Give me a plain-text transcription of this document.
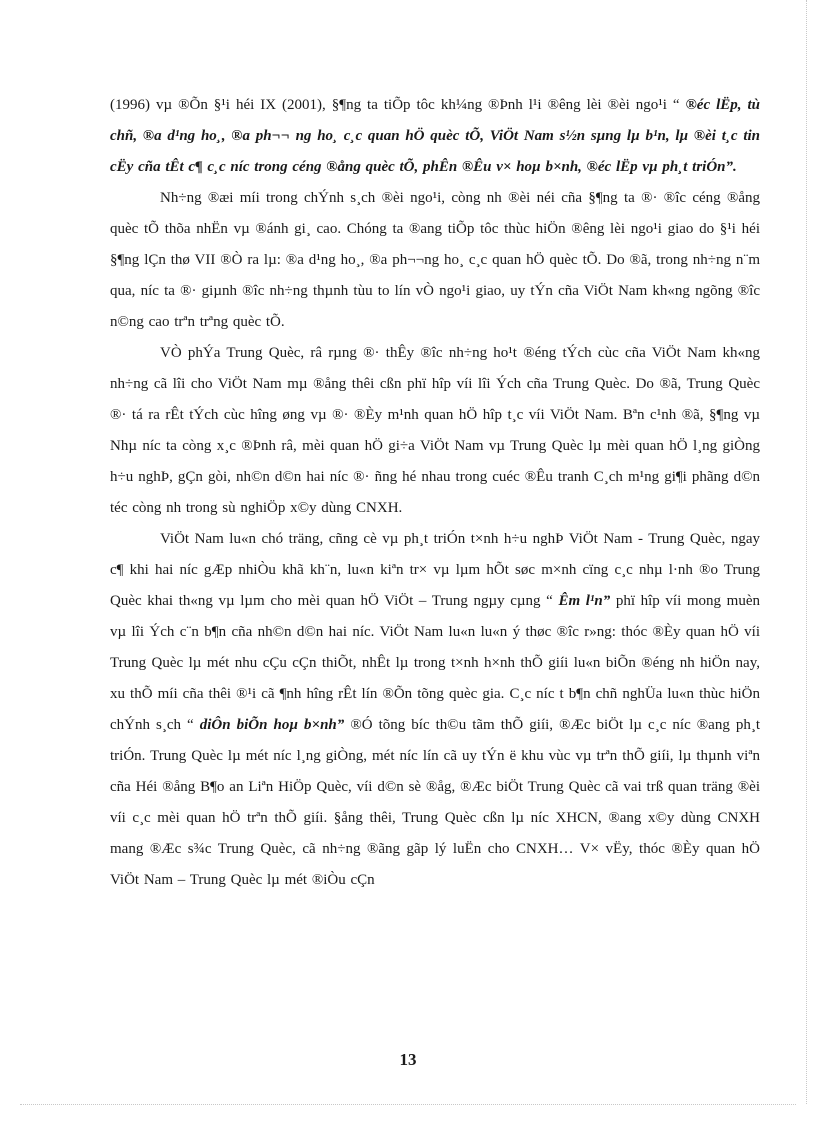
(1996) vµ ®Õn §¹i héi IX (2001), §¶ng ta tiÕp tôc kh¼ng ®Þnh l¹i ®êng lèi ®èi ngo¹i “ ®éc lËp, tù chñ, ®a d¹ng ho¸, ®a ph¬¬ ng ho¸ c¸c quan hÖ quèc tÕ, ViÖt Nam s½n sµng lµ b¹n, lµ ®èi t¸c tin cËy cña tÊt c¶ c¸c níc trong céng ®ång quèc tÕ, phÊn ®Êu v× hoµ b×nh, ®éc lËp vµ ph¸t triÓn”.

Nh÷ng ®æi míi trong chÝnh s¸ch ®èi ngo¹i, còng nh ®èi néi cña §¶ng ta ®· ®îc céng ®ång quèc tÕ thõa nhËn vµ ®ánh gi¸ cao. Chóng ta ®ang tiÕp tôc thùc hiÖn ®êng lèi ngo¹i giao do §¹i héi §¶ng lÇn thø VII ®Ò ra lµ: ®a d¹ng ho¸, ®a ph¬¬ng ho¸ c¸c quan hÖ quèc tÕ. Do ®ã, trong nh÷ng n¨m qua, níc ta ®· giµnh ®îc nh÷ng thµnh tùu to lín vÒ ngo¹i giao, uy tÝn cña ViÖt Nam kh«ng ngõng ®îc n©ng cao trªn trªng quèc tÕ.

VÒ phÝa Trung Quèc, râ rµng ®· thÊy ®îc nh÷ng ho¹t ®éng tÝch cùc cña ViÖt Nam kh«ng nh÷ng cã lîi cho ViÖt Nam mµ ®ång thêi cßn phï hîp víi lîi Ých cña Trung Quèc. Do ®ã, Trung Quèc ®· tá ra rÊt tÝch cùc hîng øng vµ ®· ®Èy m¹nh quan hÖ hîp t¸c víi ViÖt Nam. Bªn c¹nh ®ã, §¶ng vµ Nhµ níc ta còng x¸c ®Þnh râ, mèi quan hÖ gi÷a ViÖt Nam vµ Trung Quèc lµ mèi quan hÖ l¸ng giÒng h÷u nghÞ, gÇn gòi, nh©n d©n hai níc ®· ñng hé nhau trong cuéc ®Êu tranh C¸ch m¹ng gi¶i phãng d©n téc còng nh trong sù nghiÖp x©y dùng CNXH.

ViÖt Nam lu«n chó träng, cñng cè vµ ph¸t triÓn t×nh h÷u nghÞ ViÖt Nam - Trung Quèc, ngay c¶ khi hai níc gÆp nhiÒu khã kh¨n, lu«n kiªn tr× vµ lµm hÕt søc m×nh cïng c¸c nhµ l·nh ®o Trung Quèc khai th«ng vµ lµm cho mèi quan hÖ ViÖt – Trung ngµy cµng “ Êm l¹n” phï hîp víi mong muèn vµ lîi Ých c¨n b¶n cña nh©n d©n hai níc. ViÖt Nam lu«n lu«n ý thøc ®îc r»ng: thóc ®Èy quan hÖ víi Trung Quèc lµ mét nhu cÇu cÇn thiÕt, nhÊt lµ trong t×nh h×nh thÕ giíi lu«n biÕn ®éng nh hiÖn nay, xu thÕ míi cña thêi ®¹i cã ¶nh hîng rÊt lín ®Õn tõng quèc gia. C¸c níc t b¶n chñ nghÜa lu«n thùc hiÖn chÝnh s¸ch “ diÔn biÕn hoµ b×nh” ®Ó tõng bíc th©u tãm thÕ giíi, ®Æc biÖt lµ c¸c níc ®ang ph¸t triÓn. Trung Quèc lµ mét níc l¸ng giÒng, mét níc lín cã uy tÝn ë khu vùc vµ trªn thÕ giíi, lµ thµnh viªn cña Héi ®ång B¶o an Liªn HiÖp Quèc, víi d©n sè ®åg, ®Æc biÖt Trung Quèc cã vai trß quan träng ®èi víi c¸c mèi quan hÖ trªn thÕ giíi. §ång thêi, Trung Quèc cßn lµ níc XHCN, ®ang x©y dùng CNXH mang ®Æc s¾c Trung Quèc, cã nh÷ng ®ãng gãp lý luËn cho CNXH… V× vËy, thóc ®Èy quan hÖ ViÖt Nam – Trung Quèc lµ mét ®iÒu cÇn

13
